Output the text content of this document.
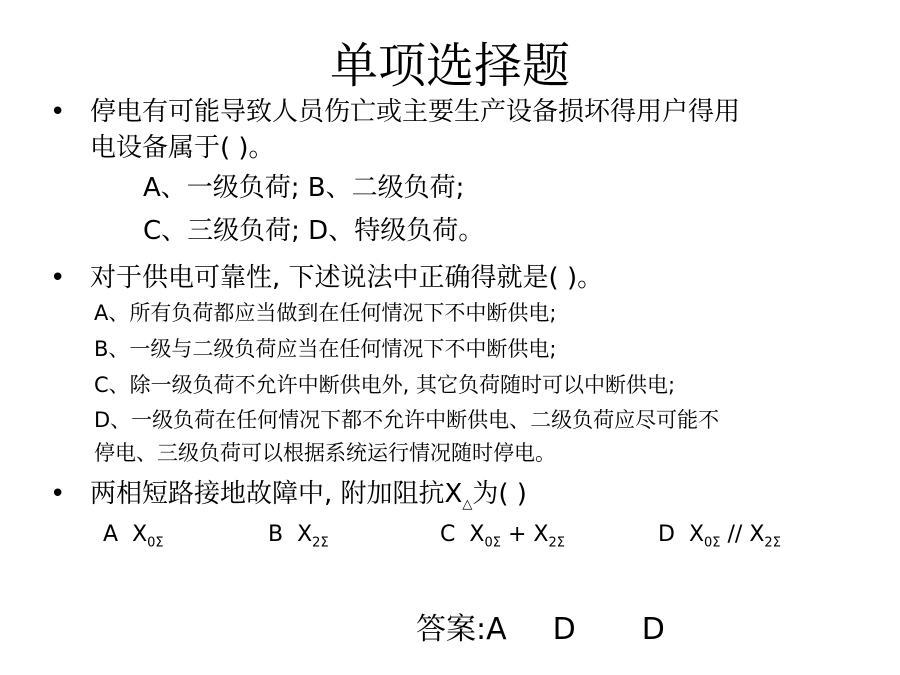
单项选择题
• 停电有可能导致人员伤亡或主要生产设备损坏得用户得用
电设备属于( )。
A、一级负荷; B、二级负荷;
C、三级负荷; D、特级负荷。
• 对于供电可靠性, 下述说法中正确得就是( )。
A、所有负荷都应当做到在任何情况下不中断供电;
B、一级与二级负荷应当在任何情况下不中断供电;
C、除一级负荷不允许中断供电外, 其它负荷随时可以中断供电;
D、一级负荷在任何情况下都不允许中断供电、二级负荷应尽可能不
停电、三级负荷可以根据系统运行情况随时停电。
• 两相短路接地故障中, 附加阻抗$X_\triangle$为( )
A $X_{0\Sigma}$	B $X_{2\Sigma}$	C $X_{0\Sigma} + X_{2\Sigma}$	D $X_{0\Sigma} // X_{2\Sigma}$
答案:A D D
